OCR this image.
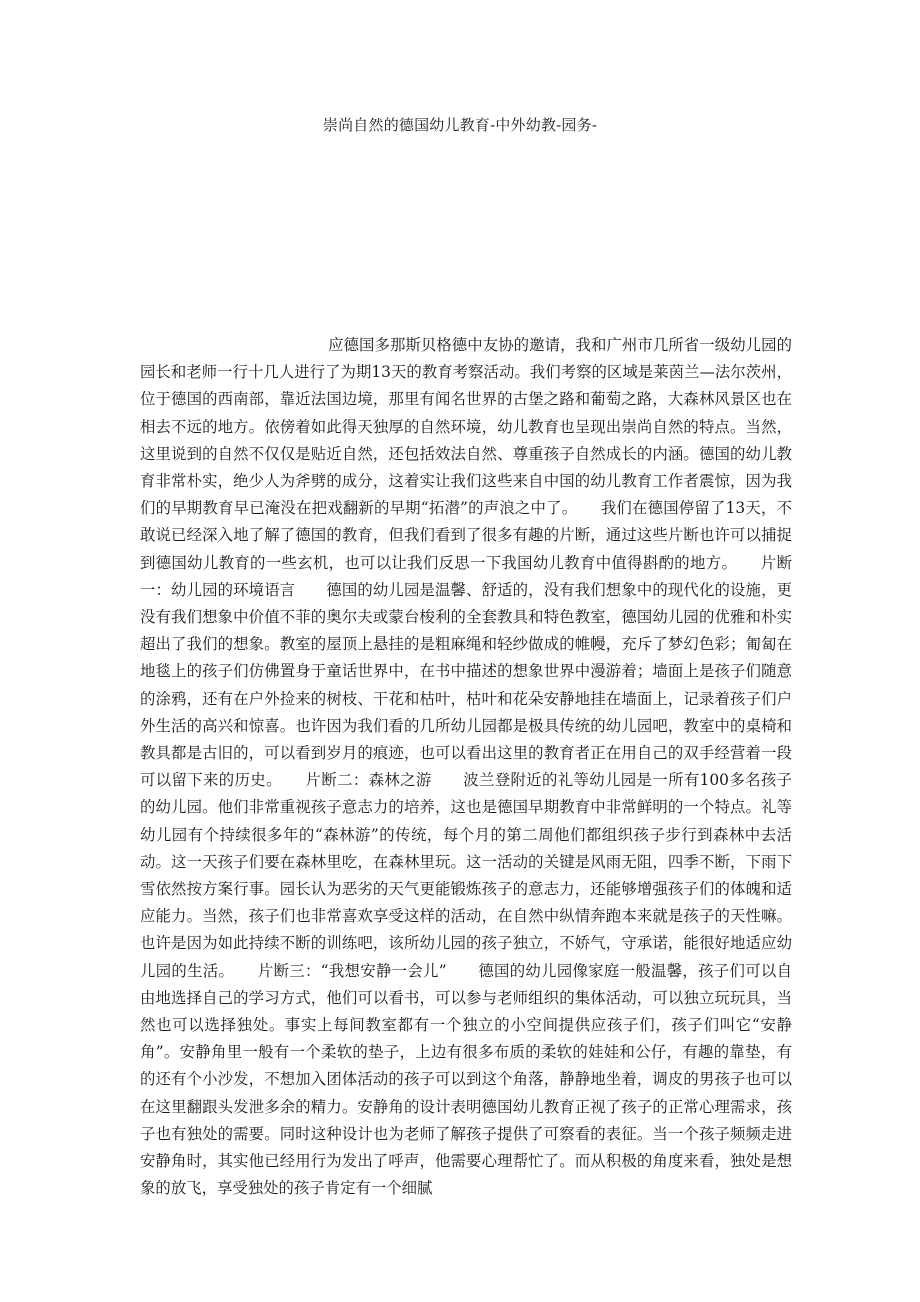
崇尚自然的德国幼儿教育-中外幼教-园务-

应德国多那斯贝格德中友协的邀请，我和广州市几所省一级幼儿园的园长和老师一行十几人进行了为期13天的教育考察活动。我们考察的区域是莱茵兰—法尔茨州，位于德国的西南部，靠近法国边境，那里有闻名世界的古堡之路和葡萄之路，大森林风景区也在相去不远的地方。依傍着如此得天独厚的自然环境，幼儿教育也呈现出崇尚自然的特点。当然，这里说到的自然不仅仅是贴近自然，还包括效法自然、尊重孩子自然成长的内涵。德国的幼儿教育非常朴实，绝少人为斧劈的成分，这着实让我们这些来自中国的幼儿教育工作者震惊，因为我们的早期教育早已淹没在把戏翻新的早期“拓潜”的声浪之中了。　　我们在德国停留了13天，不敢说已经深入地了解了德国的教育，但我们看到了很多有趣的片断，通过这些片断也许可以捕捉到德国幼儿教育的一些玄机，也可以让我们反思一下我国幼儿教育中值得斟酌的地方。　　片断一：幼儿园的环境语言　　德国的幼儿园是温馨、舒适的，没有我们想象中的现代化的设施，更没有我们想象中价值不菲的奥尔夫或蒙台梭利的全套教具和特色教室，德国幼儿园的优雅和朴实超出了我们的想象。教室的屋顶上悬挂的是粗麻绳和轻纱做成的帷幔，充斥了梦幻色彩；匍匐在地毯上的孩子们仿佛置身于童话世界中，在书中描述的想象世界中漫游着；墙面上是孩子们随意的涂鸦，还有在户外捡来的树枝、干花和枯叶，枯叶和花朵安静地挂在墙面上，记录着孩子们户外生活的高兴和惊喜。也许因为我们看的几所幼儿园都是极具传统的幼儿园吧，教室中的桌椅和教具都是古旧的，可以看到岁月的痕迹，也可以看出这里的教育者正在用自己的双手经营着一段可以留下来的历史。　　片断二：森林之游　　波兰登附近的礼等幼儿园是一所有100多名孩子的幼儿园。他们非常重视孩子意志力的培养，这也是德国早期教育中非常鲜明的一个特点。礼等幼儿园有个持续很多年的“森林游”的传统，每个月的第二周他们都组织孩子步行到森林中去活动。这一天孩子们要在森林里吃，在森林里玩。这一活动的关键是风雨无阻，四季不断，下雨下雪依然按方案行事。园长认为恶劣的天气更能锻炼孩子的意志力，还能够增强孩子们的体魄和适应能力。当然，孩子们也非常喜欢享受这样的活动，在自然中纵情奔跑本来就是孩子的天性嘛。也许是因为如此持续不断的训练吧，该所幼儿园的孩子独立，不娇气，守承诺，能很好地适应幼儿园的生活。　　片断三：“我想安静一会儿”　　德国的幼儿园像家庭一般温馨，孩子们可以自由地选择自己的学习方式，他们可以看书，可以参与老师组织的集体活动，可以独立玩玩具，当然也可以选择独处。事实上每间教室都有一个独立的小空间提供应孩子们，孩子们叫它“安静角”。安静角里一般有一个柔软的垫子，上边有很多布质的柔软的娃娃和公仔，有趣的靠垫，有的还有个小沙发，不想加入团体活动的孩子可以到这个角落，静静地坐着，调皮的男孩子也可以在这里翻跟头发泄多余的精力。安静角的设计表明德国幼儿教育正视了孩子的正常心理需求，孩子也有独处的需要。同时这种设计也为老师了解孩子提供了可察看的表征。当一个孩子频频走进安静角时，其实他已经用行为发出了呼声，他需要心理帮忙了。而从积极的角度来看，独处是想象的放飞，享受独处的孩子肯定有一个细腻
